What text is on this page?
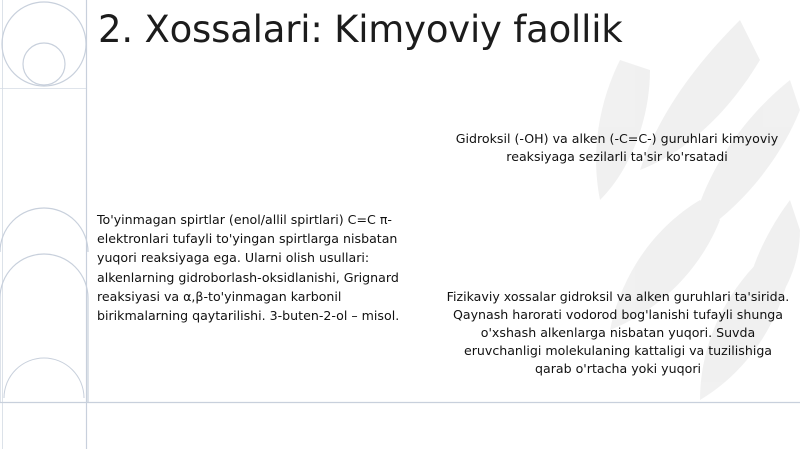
2. Xossalari: Kimyoviy faollik

To'yinmagan spirtlar (enol/allil spirtlari) C=C π-elektronlari tufayli to'yingan spirtlarga nisbatan yuqori reaksiyaga ega. Ularni olish usullari: alkenlarning gidroborlash-oksidlanishi, Grignard reaksiyasi va α,β-to'yinmagan karbonil birikmalarning qaytarilishi. 3-buten-2-ol – misol.

Gidroksil (-OH) va alken (-C=C-) guruhlari kimyoviy reaksiyaga sezilarli ta'sir ko'rsatadi

Fizikaviy xossalar gidroksil va alken guruhlari ta'sirida. Qaynash harorati vodorod bog'lanishi tufayli shunga o'xshash alkenlarga nisbatan yuqori. Suvda eruvchanligi molekulaning kattaligi va tuzilishiga qarab o'rtacha yoki yuqori
